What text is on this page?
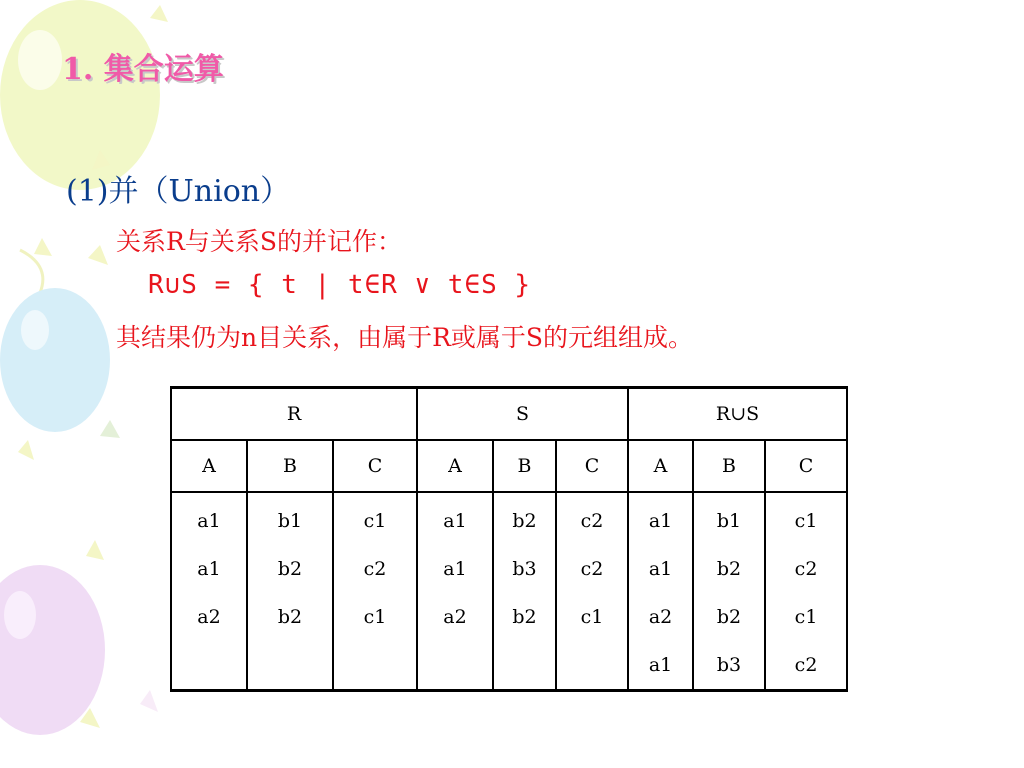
1. 集合运算
(1)并（Union）
关系R与关系S的并记作：
R∪S = { t | t∈R ∨ t∈S }
其结果仍为n目关系，由属于R或属于S的元组组成。
R			S			R∪S		
A	B	C	A	B	C	A	B	C
a1	b1	c1	a1	b2	c2	a1	b1	c1
a1	b2	c2	a1	b3	c2	a1	b2	c2
a2	b2	c1	a2	b2	c1	a2	b2	c1
						a1	b3	c2
